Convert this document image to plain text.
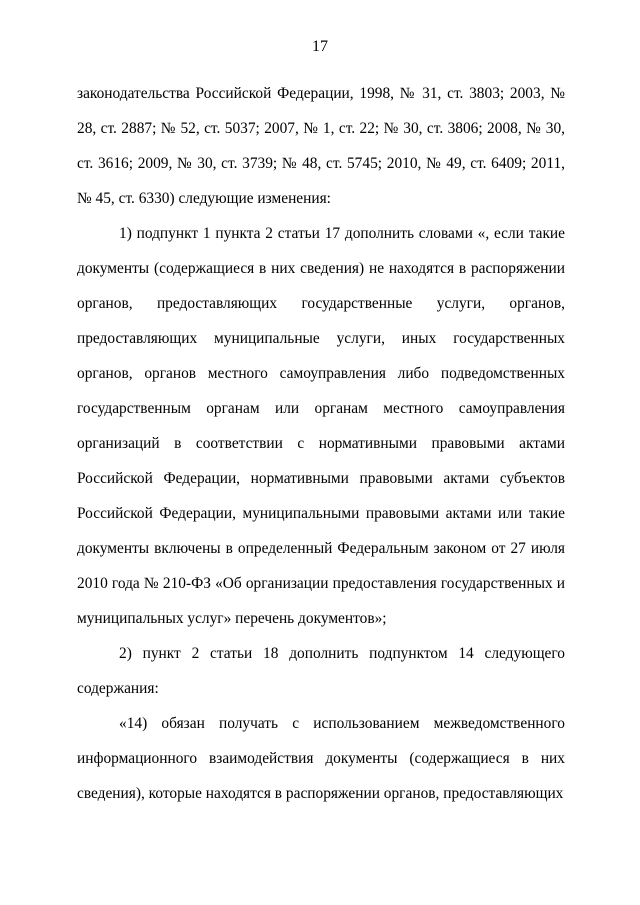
17

законодательства Российской Федерации, 1998, № 31, ст. 3803; 2003, № 28, ст. 2887; № 52, ст. 5037; 2007, № 1, ст. 22; № 30, ст. 3806; 2008, № 30, ст. 3616; 2009, № 30, ст. 3739; № 48, ст. 5745; 2010, № 49, ст. 6409; 2011, № 45, ст. 6330) следующие изменения:

1) подпункт 1 пункта 2 статьи 17 дополнить словами «, если такие документы (содержащиеся в них сведения) не находятся в распоряжении органов, предоставляющих государственные услуги, органов, предоставляющих муниципальные услуги, иных государственных органов, органов местного самоуправления либо подведомственных государственным органам или органам местного самоуправления организаций в соответствии с нормативными правовыми актами Российской Федерации, нормативными правовыми актами субъектов Российской Федерации, муниципальными правовыми актами или такие документы включены в определенный Федеральным законом от 27 июля 2010 года № 210-ФЗ «Об организации предоставления государственных и муниципальных услуг» перечень документов»;

2) пункт 2 статьи 18 дополнить подпунктом 14 следующего содержания:

«14) обязан получать с использованием межведомственного информационного взаимодействия документы (содержащиеся в них сведения), которые находятся в распоряжении органов, предоставляющих
